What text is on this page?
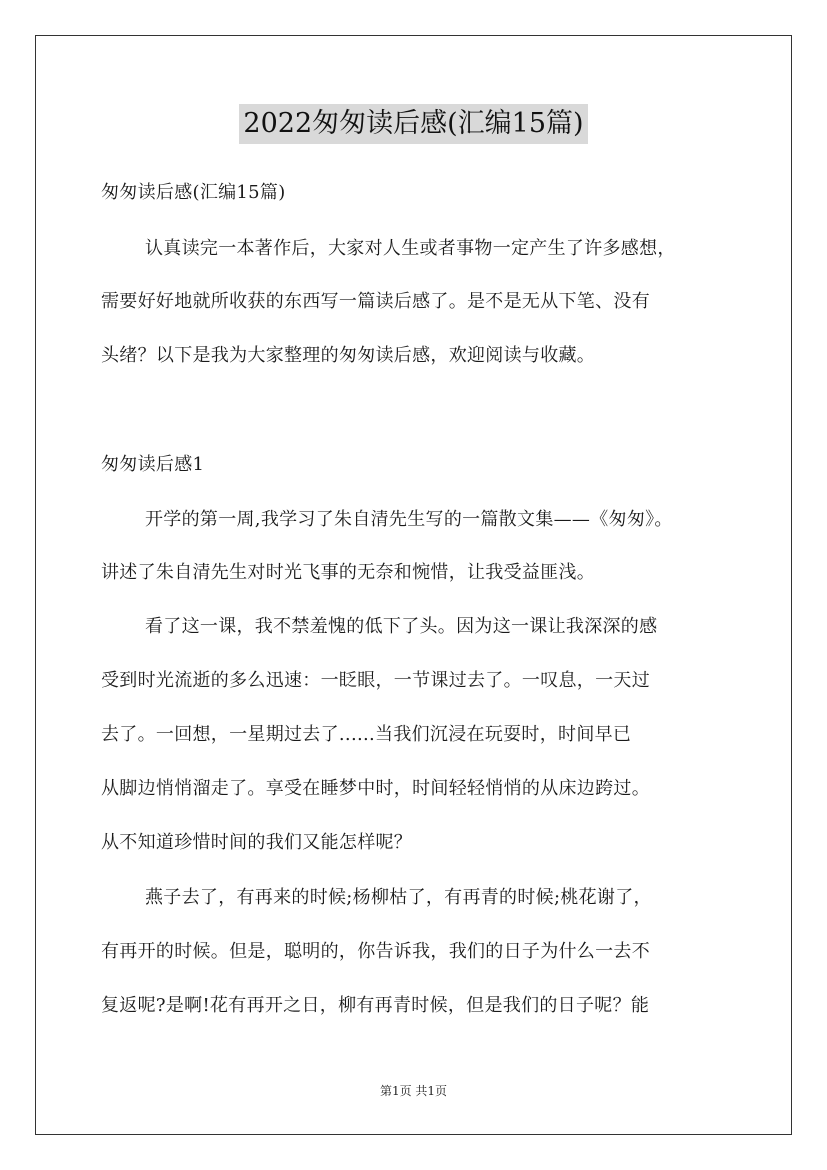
2022匆匆读后感(汇编15篇)
匆匆读后感(汇编15篇)
认真读完一本著作后，大家对人生或者事物一定产生了许多感想，
需要好好地就所收获的东西写一篇读后感了。是不是无从下笔、没有
头绪？以下是我为大家整理的匆匆读后感，欢迎阅读与收藏。
匆匆读后感1
开学的第一周,我学习了朱自清先生写的一篇散文集——《匆匆》。
讲述了朱自清先生对时光飞事的无奈和惋惜，让我受益匪浅。
看了这一课，我不禁羞愧的低下了头。因为这一课让我深深的感
受到时光流逝的多么迅速：一眨眼，一节课过去了。一叹息，一天过
去了。一回想，一星期过去了......当我们沉浸在玩耍时，时间早已
从脚边悄悄溜走了。享受在睡梦中时，时间轻轻悄悄的从床边跨过。
从不知道珍惜时间的我们又能怎样呢？
燕子去了，有再来的时候;杨柳枯了，有再青的时候;桃花谢了，
有再开的时候。但是，聪明的，你告诉我，我们的日子为什么一去不
复返呢?是啊!花有再开之日，柳有再青时候，但是我们的日子呢？能
第1页 共1页
